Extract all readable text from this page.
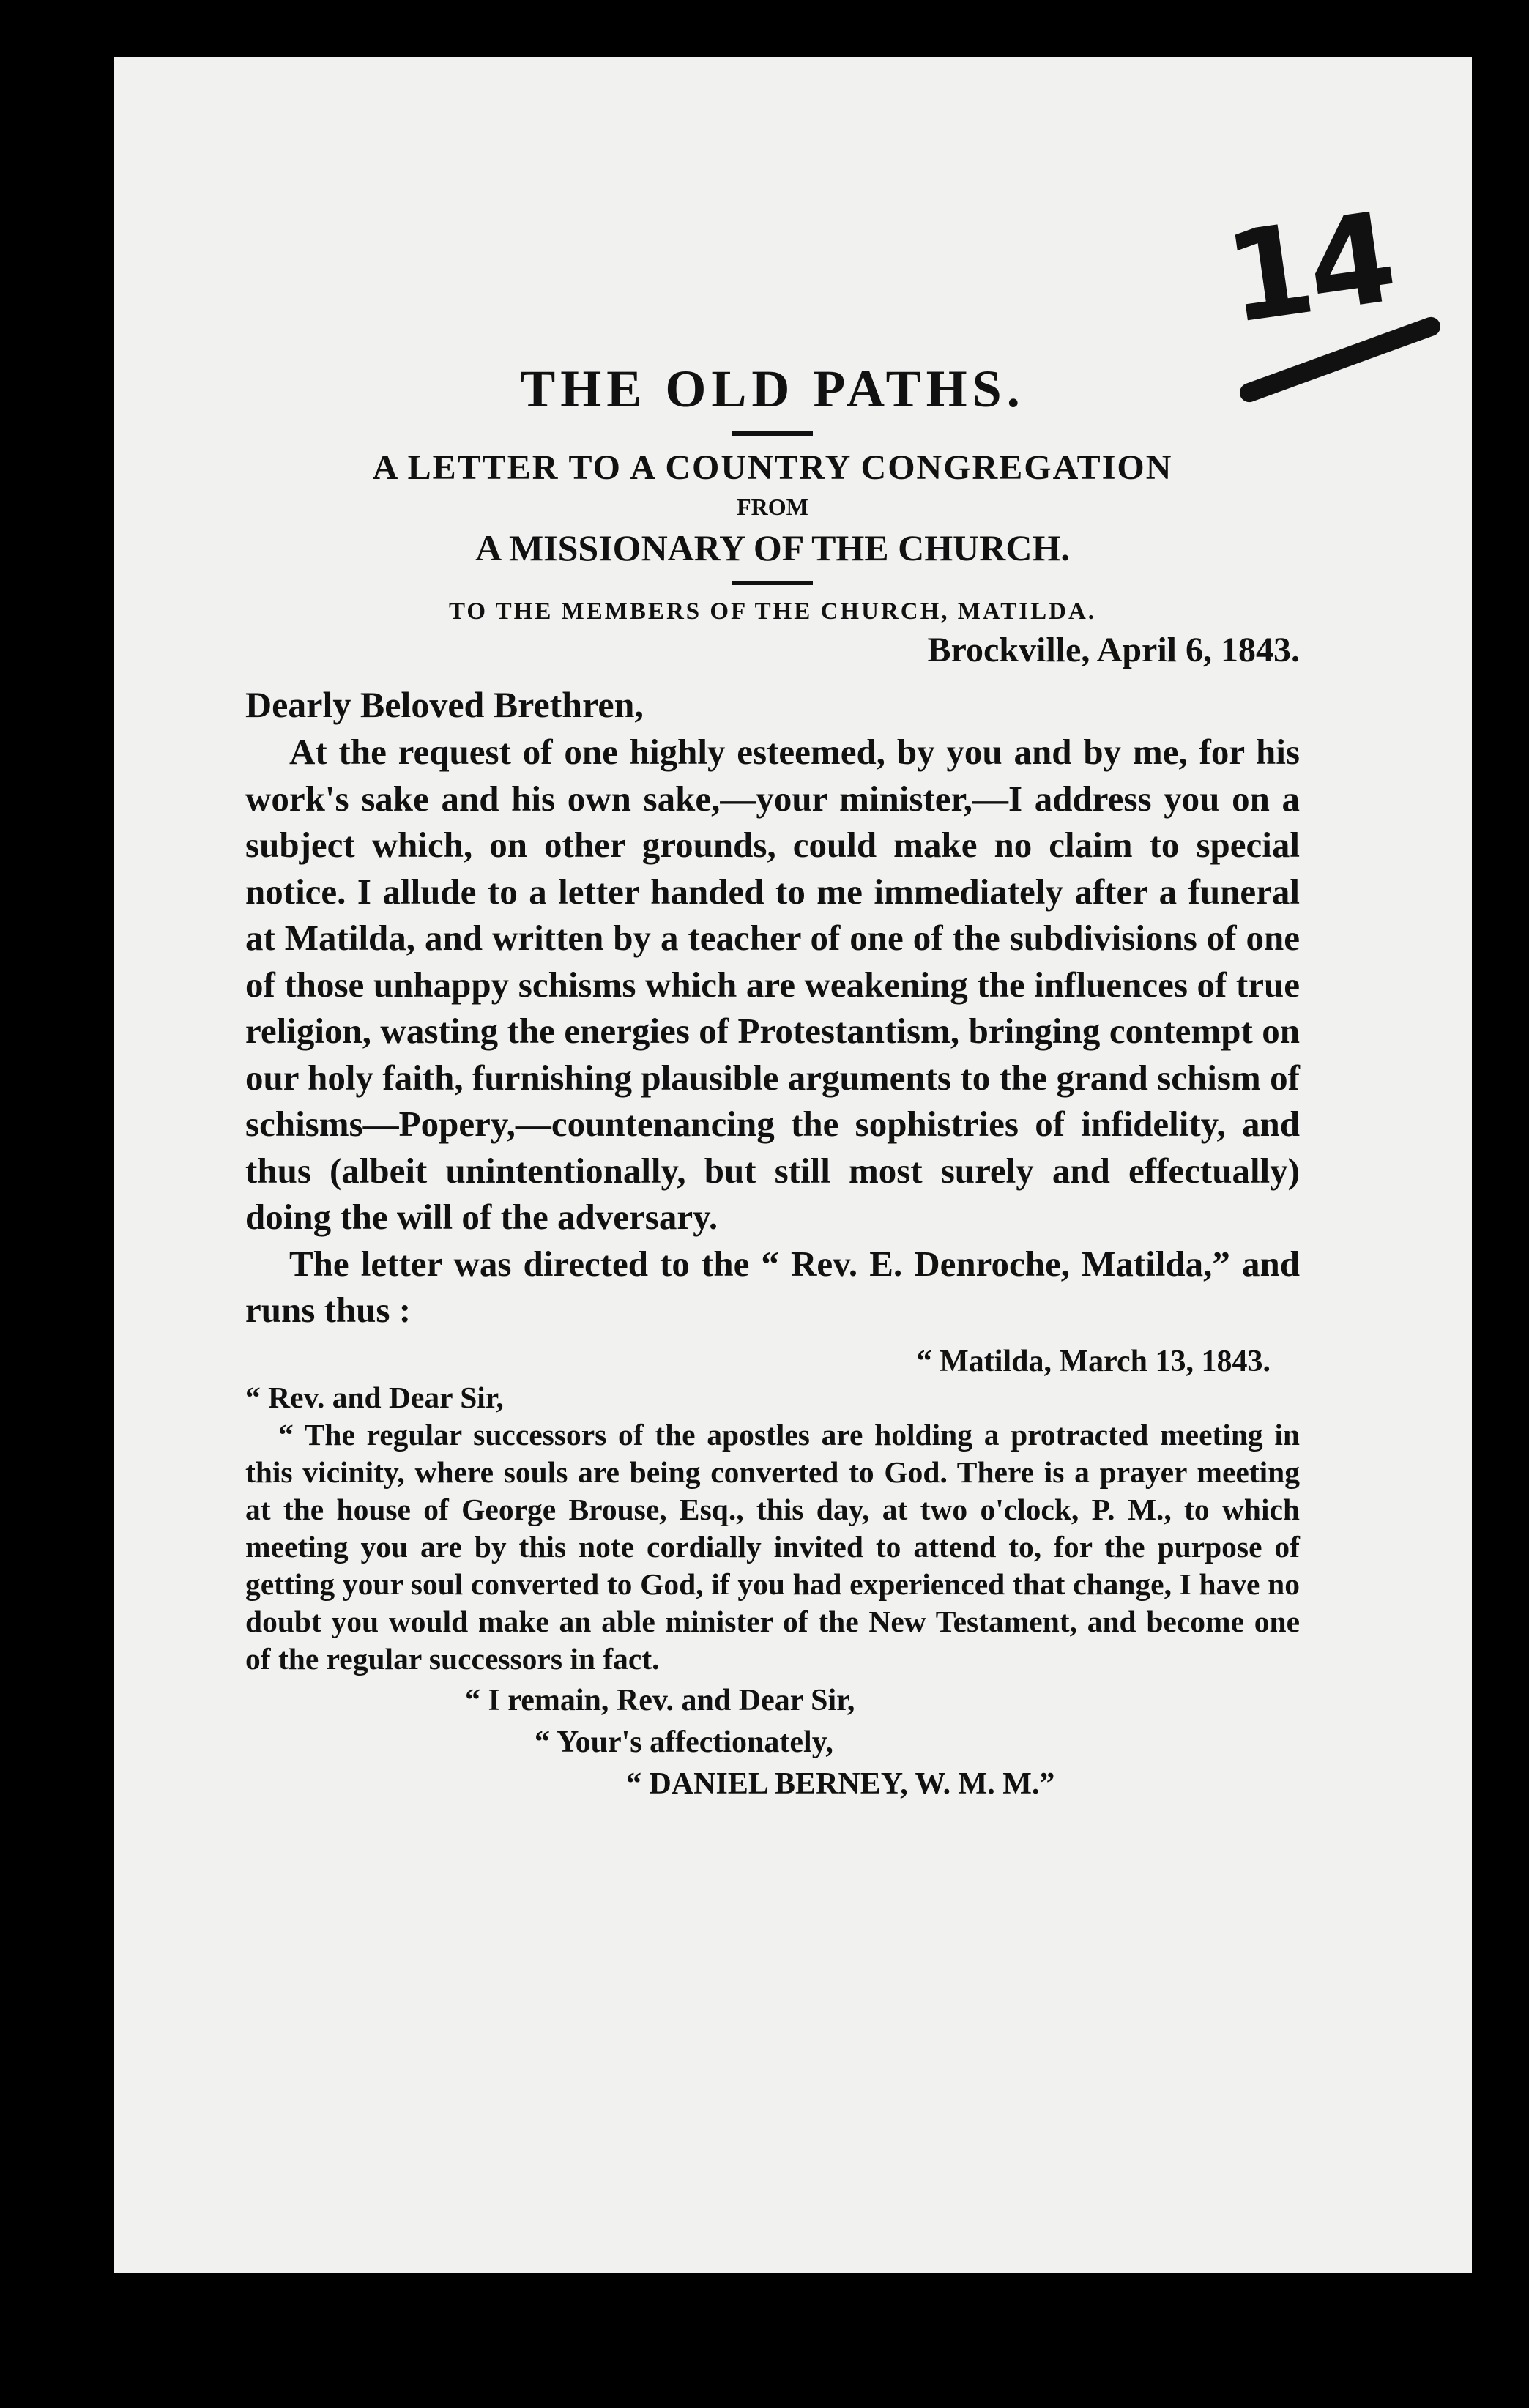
14
THE OLD PATHS.

A LETTER TO A COUNTRY CONGREGATION

FROM

A MISSIONARY OF THE CHURCH.

TO THE MEMBERS OF THE CHURCH, MATILDA.

Brockville, April 6, 1843.

Dearly Beloved Brethren,

At the request of one highly esteemed, by you and by me, for his work's sake and his own sake,—your minister,—I address you on a subject which, on other grounds, could make no claim to special notice. I allude to a letter handed to me immediately after a funeral at Matilda, and written by a teacher of one of the subdivisions of one of those unhappy schisms which are weakening the influences of true religion, wasting the energies of Protestantism, bringing contempt on our holy faith, furnishing plausible arguments to the grand schism of schisms—Popery,—countenancing the sophistries of infidelity, and thus (albeit unintentionally, but still most surely and effectually) doing the will of the adversary.

The letter was directed to the “ Rev. E. Denroche, Matilda,” and runs thus :

“ Matilda, March 13, 1843.

“ Rev. and Dear Sir,

“ The regular successors of the apostles are holding a protracted meeting in this vicinity, where souls are being converted to God. There is a prayer meeting at the house of George Brouse, Esq., this day, at two o'clock, P. M., to which meeting you are by this note cordially invited to attend to, for the purpose of getting your soul converted to God, if you had experienced that change, I have no doubt you would make an able minister of the New Testament, and become one of the regular successors in fact.

“ I remain, Rev. and Dear Sir,

“ Your's affectionately,

“ DANIEL BERNEY, W. M. M.”
